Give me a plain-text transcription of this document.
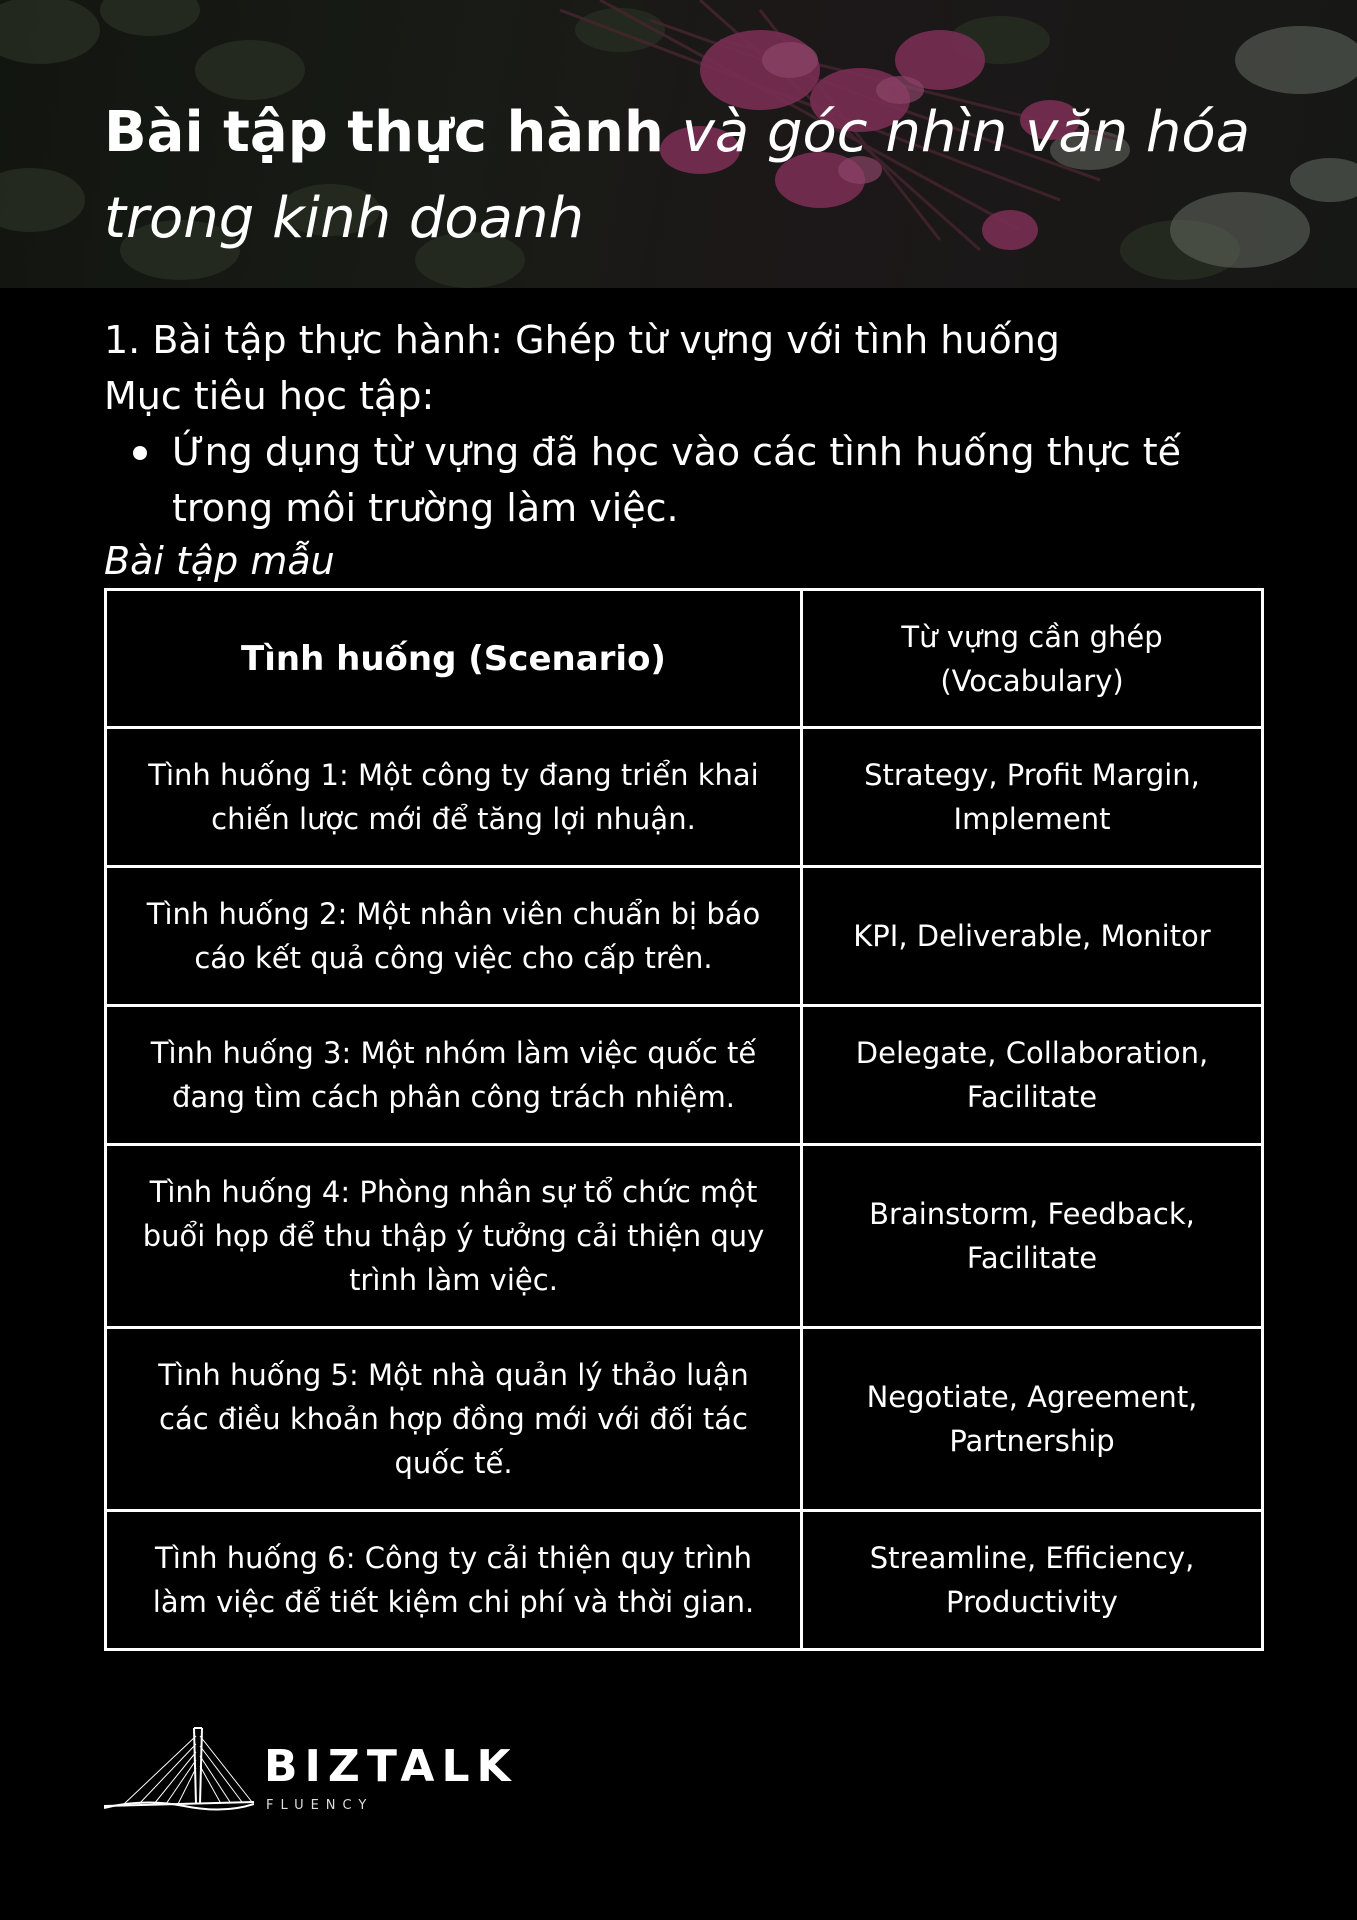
Bài tập thực hành và góc nhìn văn hóa
trong kinh doanh

1. Bài tập thực hành: Ghép từ vựng với tình huống

Mục tiêu học tập:

Ứng dụng từ vựng đã học vào các tình huống thực tế trong môi trường làm việc.

Bài tập mẫu

Tình huống (Scenario)	Từ vựng cần ghép (Vocabulary)
Tình huống 1: Một công ty đang triển khai chiến lược mới để tăng lợi nhuận.	Strategy, Profit Margin, Implement
Tình huống 2: Một nhân viên chuẩn bị báo cáo kết quả công việc cho cấp trên.	KPI, Deliverable, Monitor
Tình huống 3: Một nhóm làm việc quốc tế đang tìm cách phân công trách nhiệm.	Delegate, Collaboration, Facilitate
Tình huống 4: Phòng nhân sự tổ chức một buổi họp để thu thập ý tưởng cải thiện quy trình làm việc.	Brainstorm, Feedback, Facilitate
Tình huống 5: Một nhà quản lý thảo luận các điều khoản hợp đồng mới với đối tác quốc tế.	Negotiate, Agreement, Partnership
Tình huống 6: Công ty cải thiện quy trình làm việc để tiết kiệm chi phí và thời gian.	Streamline, Efficiency, Productivity
BIZTALK
FLUENCY
